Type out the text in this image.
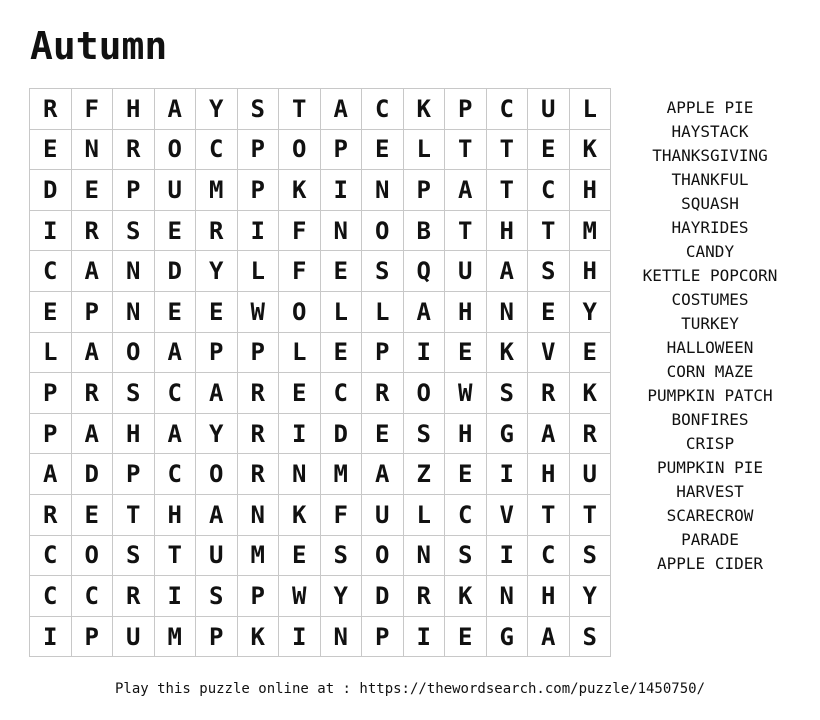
Autumn
R	F	H	A	Y	S	T	A	C	K	P	C	U	L
E	N	R	O	C	P	O	P	E	L	T	T	E	K
D	E	P	U	M	P	K	I	N	P	A	T	C	H
I	R	S	E	R	I	F	N	O	B	T	H	T	M
C	A	N	D	Y	L	F	E	S	Q	U	A	S	H
E	P	N	E	E	W	O	L	L	A	H	N	E	Y
L	A	O	A	P	P	L	E	P	I	E	K	V	E
P	R	S	C	A	R	E	C	R	O	W	S	R	K
P	A	H	A	Y	R	I	D	E	S	H	G	A	R
A	D	P	C	O	R	N	M	A	Z	E	I	H	U
R	E	T	H	A	N	K	F	U	L	C	V	T	T
C	O	S	T	U	M	E	S	O	N	S	I	C	S
C	C	R	I	S	P	W	Y	D	R	K	N	H	Y
I	P	U	M	P	K	I	N	P	I	E	G	A	S
APPLE PIE
HAYSTACK
THANKSGIVING
THANKFUL
SQUASH
HAYRIDES
CANDY
KETTLE POPCORN
COSTUMES
TURKEY
HALLOWEEN
CORN MAZE
PUMPKIN PATCH
BONFIRES
CRISP
PUMPKIN PIE
HARVEST
SCARECROW
PARADE
APPLE CIDER
Play this puzzle online at : https://thewordsearch.com/puzzle/1450750/
